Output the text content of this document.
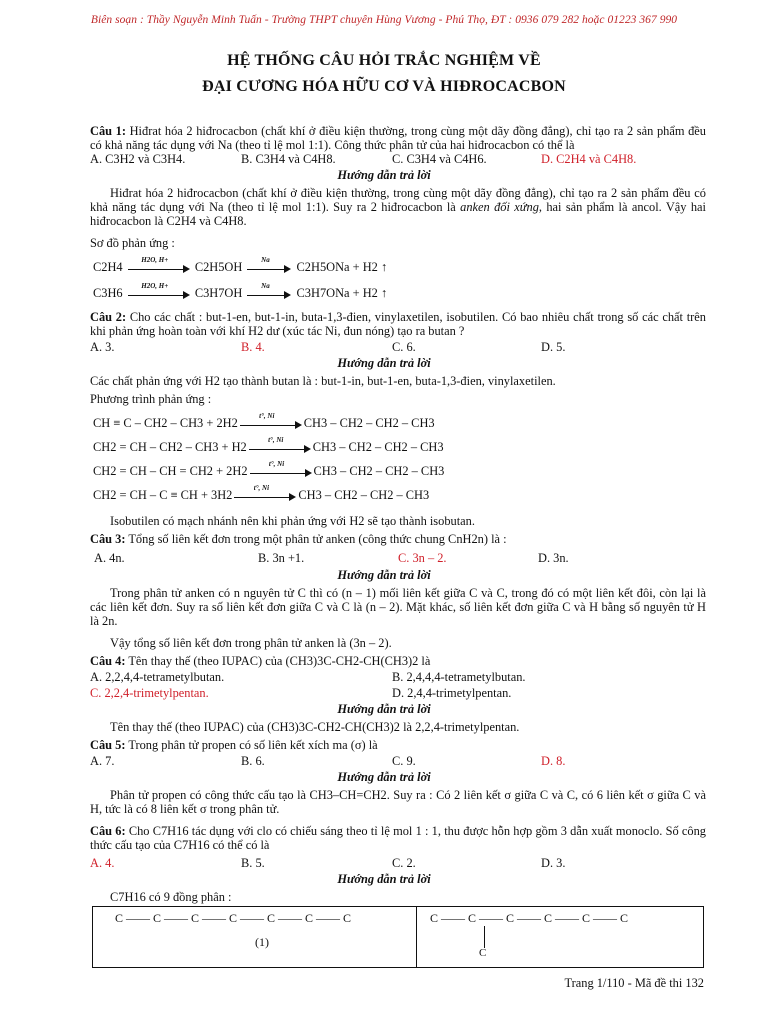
Biên soạn : Thầy Nguyễn Minh Tuấn - Trường THPT chuyên Hùng Vương - Phú Thọ, ĐT : 0936 079 282 hoặc 01223 367 990
HỆ THỐNG CÂU HỎI TRẮC NGHIỆM VỀ
ĐẠI CƯƠNG HÓA HỮU CƠ VÀ HIĐROCACBON
Câu 1: Hiđrat hóa 2 hiđrocacbon (chất khí ở điều kiện thường, trong cùng một dãy đồng đẳng), chỉ tạo ra 2 sản phẩm đều có khả năng tác dụng với Na (theo tỉ lệ mol 1:1). Công thức phân tử của hai hiđrocacbon có thể là
A. C3H2 và C3H4.	B. C3H4 và C4H8.	C. C3H4 và C4H6.	D. C2H4 và C4H8.
Hướng dẫn trả lời
Hiđrat hóa 2 hiđrocacbon (chất khí ở điều kiện thường, trong cùng một dãy đồng đẳng), chỉ tạo ra 2 sản phẩm đều có khả năng tác dụng với Na (theo tỉ lệ mol 1:1). Suy ra 2 hiđrocacbon là anken đối xứng, hai sản phẩm là ancol. Vậy hai hiđrocacbon là C2H4 và C4H8.
Sơ đồ phản ứng :
C2H4	H2O, H+	C2H5OH	Na	C2H5ONa + H2 ↑
C3H6	H2O, H+	C3H7OH	Na	C3H7ONa + H2 ↑
Câu 2: Cho các chất : but-1-en, but-1-in, buta-1,3-đien, vinylaxetilen, isobutilen. Có bao nhiêu chất trong số các chất trên khi phản ứng hoàn toàn với khí H2 dư (xúc tác Ni, đun nóng) tạo ra butan ?
A. 3.	B. 4.	C. 6.	D. 5.
Hướng dẫn trả lời
Các chất phản ứng với H2 tạo thành butan là : but-1-in, but-1-en, buta-1,3-đien, vinylaxetilen.
Phương trình phản ứng :
CH ≡ C – CH2 – CH3 + 2H2	t°, Ni	CH3 – CH2 – CH2 – CH3
CH2 = CH – CH2 – CH3 + H2	t°, Ni	CH3 – CH2 – CH2 – CH3
CH2 = CH – CH = CH2 + 2H2	t°, Ni	CH3 – CH2 – CH2 – CH3
CH2 = CH – C ≡ CH + 3H2	t°, Ni	CH3 – CH2 – CH2 – CH3
Isobutilen có mạch nhánh nên khi phản ứng với H2 sẽ tạo thành isobutan.
Câu 3: Tổng số liên kết đơn trong một phân tử anken (công thức chung CnH2n) là :
A. 4n.	B. 3n +1.	C. 3n – 2.	D. 3n.
Hướng dẫn trả lời
Trong phân tử anken có n nguyên tử C thì có (n – 1) mối liên kết giữa C và C, trong đó có một liên kết đôi, còn lại là các liên kết đơn. Suy ra số liên kết đơn giữa C và C là (n – 2). Mặt khác, số liên kết đơn giữa C và H bằng số nguyên tử H là 2n.
Vậy tổng số liên kết đơn trong phân tử anken là (3n – 2).
Câu 4: Tên thay thế (theo IUPAC) của (CH3)3C-CH2-CH(CH3)2 là
A. 2,2,4,4-tetrametylbutan.	B. 2,4,4,4-tetrametylbutan.
C. 2,2,4-trimetylpentan.	D. 2,4,4-trimetylpentan.
Hướng dẫn trả lời
Tên thay thế (theo IUPAC) của (CH3)3C-CH2-CH(CH3)2 là 2,2,4-trimetylpentan.
Câu 5: Trong phân tử propen có số liên kết xích ma (σ) là
A. 7.	B. 6.	C. 9.	D. 8.
Hướng dẫn trả lời
Phân tử propen có công thức cấu tạo là CH3–CH=CH2. Suy ra : Có 2 liên kết σ giữa C và C, có 6 liên kết σ giữa C và H, tức là có 8 liên kết σ trong phân tử.
Câu 6: Cho C7H16 tác dụng với clo có chiếu sáng theo tỉ lệ mol 1 : 1, thu được hỗn hợp gồm 3 dẫn xuất monoclo. Số công thức cấu tạo của C7H16 có thể có là
A. 4.	B. 5.	C. 2.	D. 3.
Hướng dẫn trả lời
C7H16 có 9 đồng phân :
C —— C —— C —— C —— C —— C —— C
(1)
C —— C —— C —— C —— C —— C
C
Trang 1/110 - Mã đề thi 132
